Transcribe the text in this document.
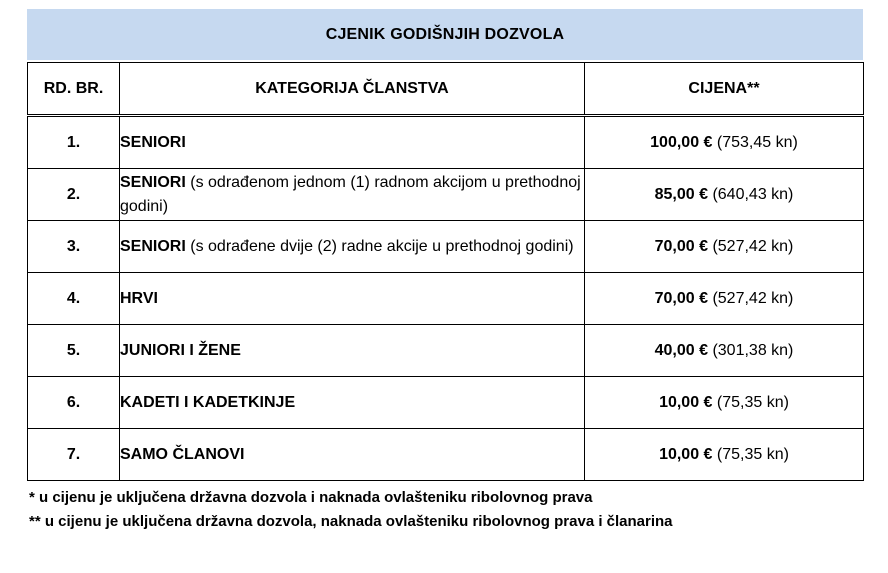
CJENIK GODIŠNJIH DOZVOLA
RD. BR.	KATEGORIJA ČLANSTVA	CIJENA**
1.	SENIORI	100,00 € (753,45 kn)
2.	SENIORI (s odrađenom jednom (1) radnom akcijom u prethodnoj godini)	85,00 € (640,43 kn)
3.	SENIORI (s odrađene dvije (2) radne akcije u prethodnoj godini)	70,00 € (527,42 kn)
4.	HRVI	70,00 € (527,42 kn)
5.	JUNIORI I ŽENE	40,00 € (301,38 kn)
6.	KADETI I KADETKINJE	10,00 € (75,35 kn)
7.	SAMO ČLANOVI	10,00 € (75,35 kn)
* u cijenu je uključena državna dozvola i naknada ovlašteniku ribolovnog prava
** u cijenu je uključena državna dozvola, naknada ovlašteniku ribolovnog prava i članarina
